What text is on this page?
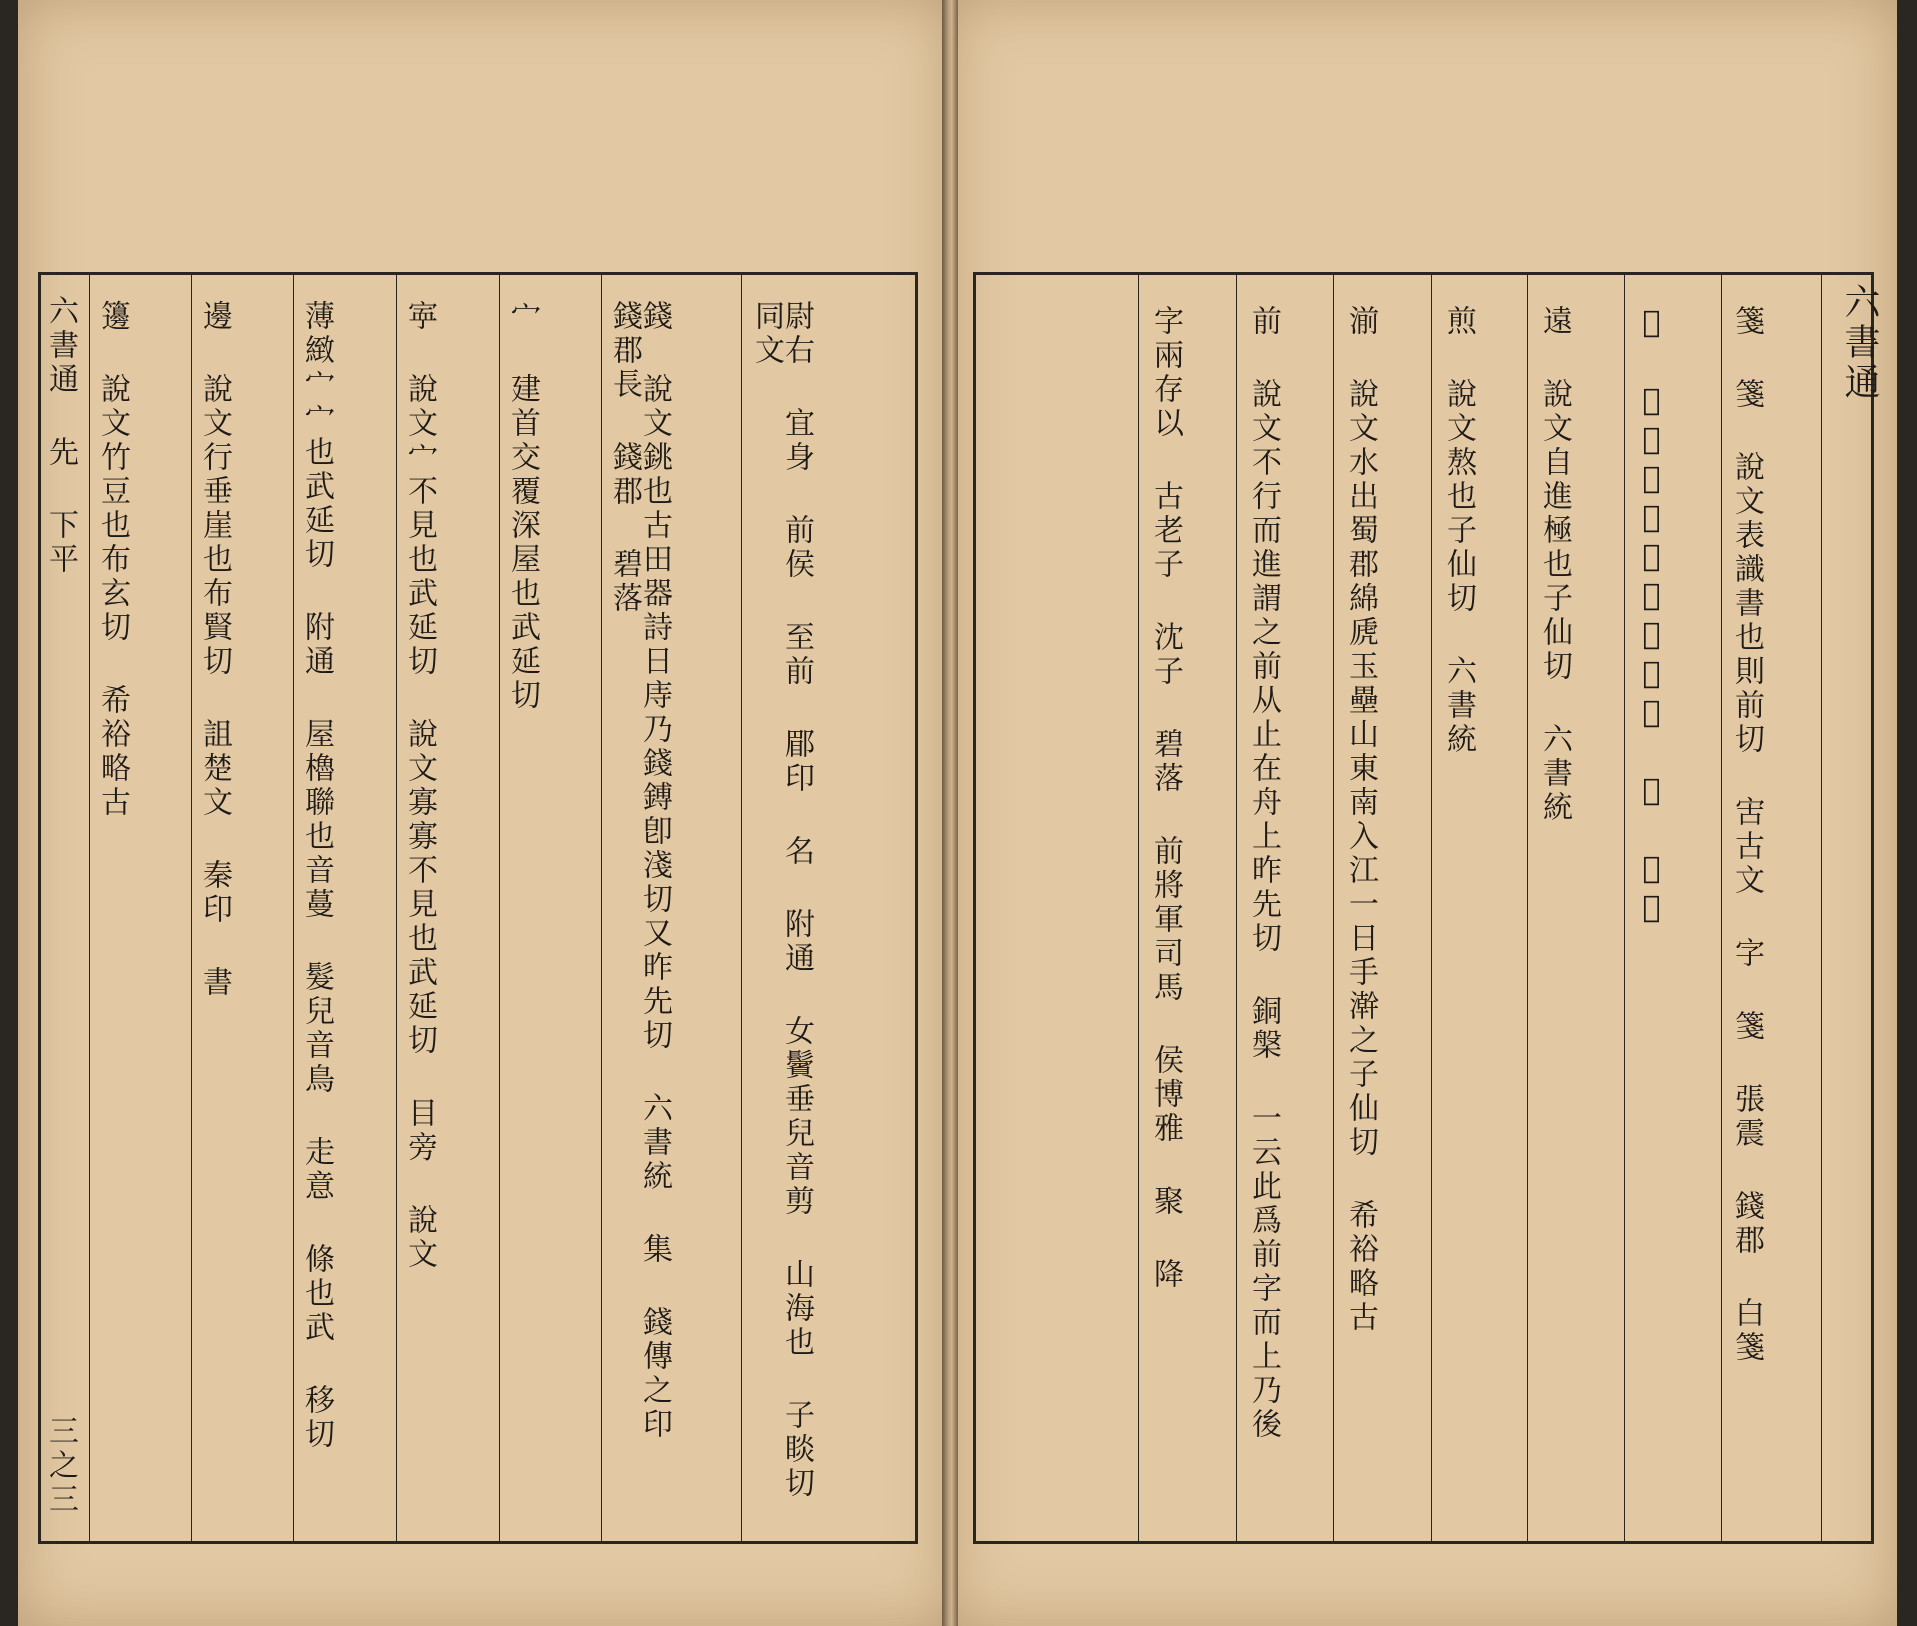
六書通
箋 箋 說文表識書也則前切 㝒古文 字 箋 張震 錢郡 白箋
𩦲 說文馬鞁具也則前切 書 楊桓
遠 說文自進極也子仙切 六書統
煎 說文熬也子仙切 六書統
湔 說文水出蜀郡綿虒玉壘山東南入江一日手澣之子仙切 希裕略古
前 說文不行而進謂之前从止在舟上昨先切 銅槃 一云此爲前字而上乃後
字兩存以 古老子 沈子 碧落 前將軍司馬 侯博雅 聚 降
六書通 先 下平
三之三
籩 說文竹豆也布玄切 希裕略古 邊 說文行垂崖也布賢切 詛楚文 秦印 書 薄緻宀宀也武延切 附通 屋櫓聯也音蔓 髮兒音鳥 走意 條也武 移切 𡨴 說文宀不見也武延切 說文寡寡不見也武延切 目旁 說文 宀 建首交覆深屋也武延切	錢 說文銚也古田器詩日庤乃錢鎛卽淺切又昨先切 六書統 集 錢傳之印 錢郡長 錢郡 碧落	尉右 宜身 前侯 至前 郿印 名 附通 女鬢垂兒音剪 山海也 子睒切 同文
